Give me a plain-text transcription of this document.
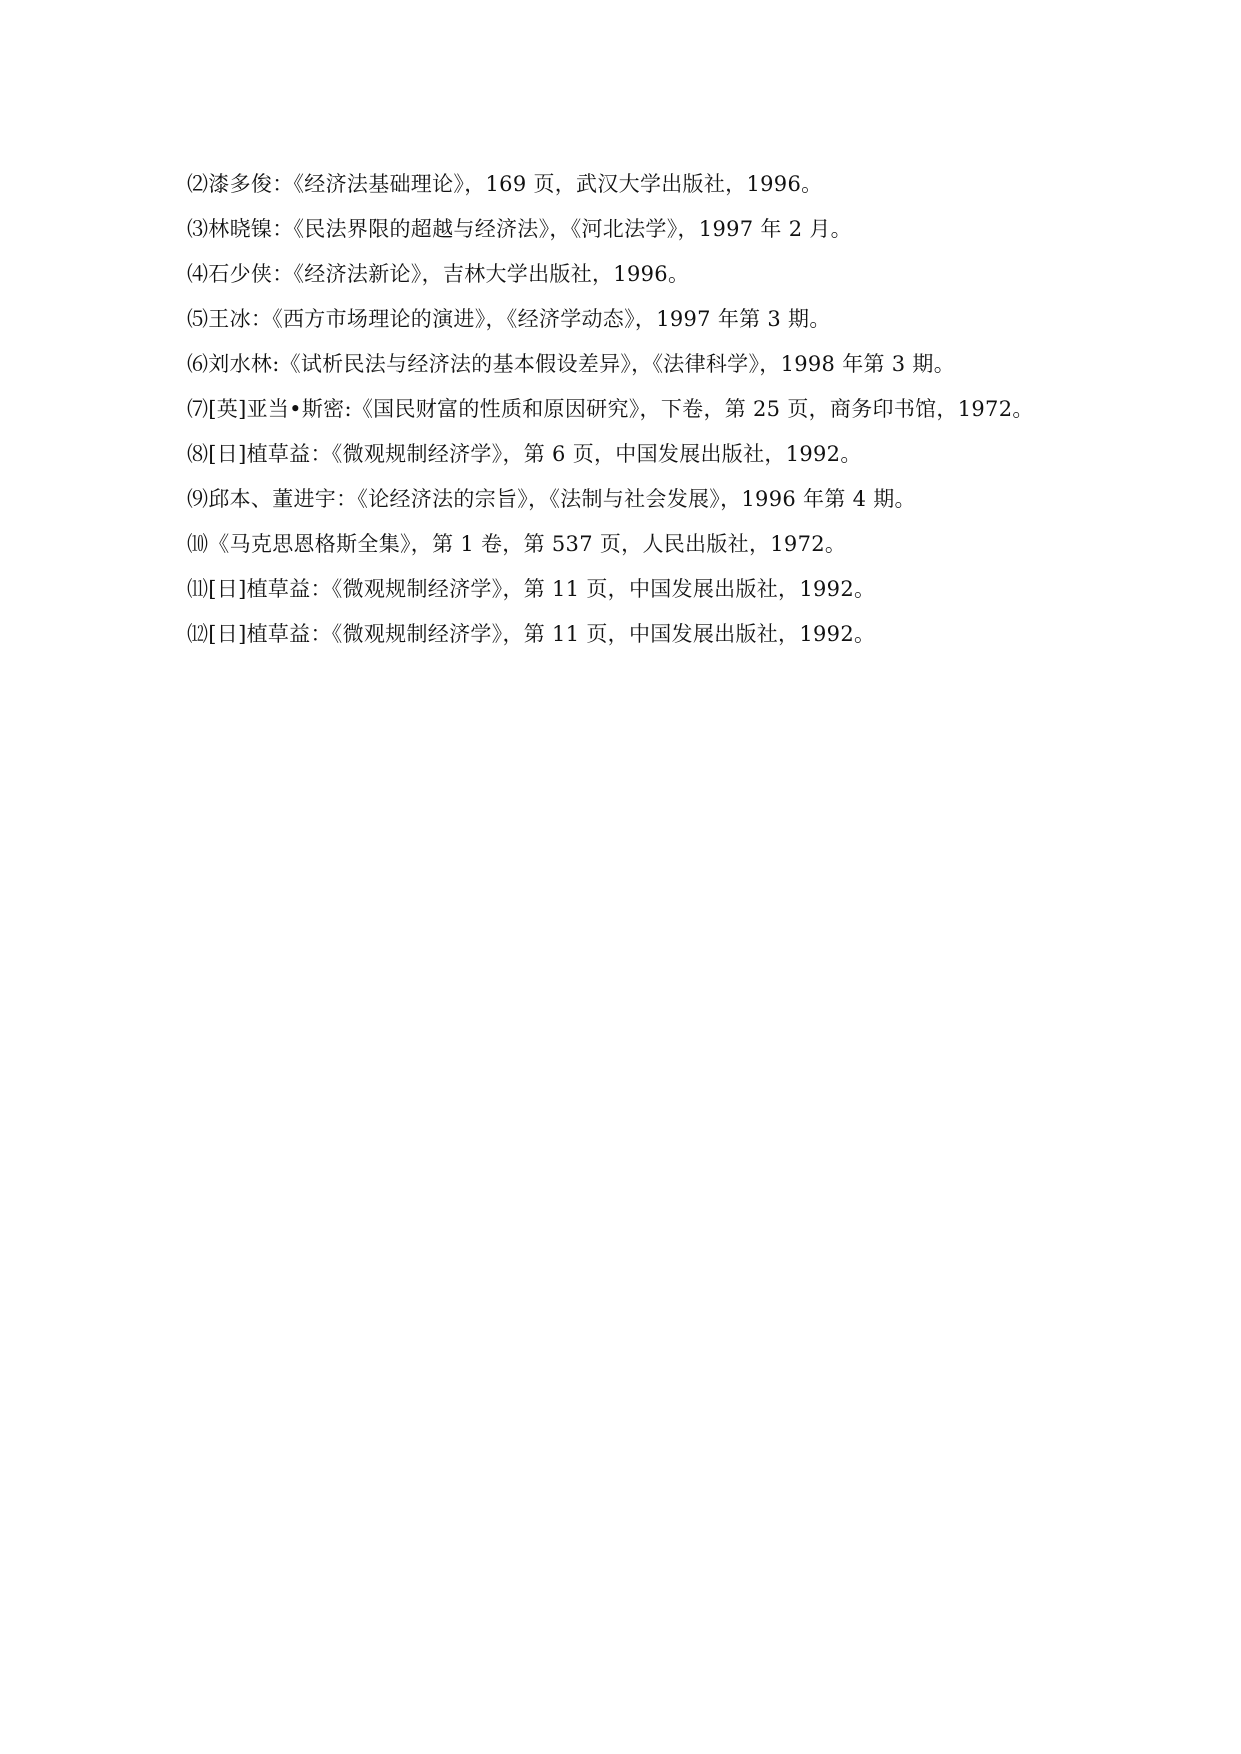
⑵漆多俊：《经济法基础理论》，169 页，武汉大学出版社，1996。

⑶林晓镍：《民法界限的超越与经济法》，《河北法学》，1997 年 2 月。

⑷石少侠：《经济法新论》，吉林大学出版社，1996。

⑸王冰：《西方市场理论的演进》，《经济学动态》，1997 年第 3 期。

⑹刘水林:《试析民法与经济法的基本假设差异》，《法律科学》，1998 年第 3 期。

⑺[英]亚当•斯密:《国民财富的性质和原因研究》，下卷，第 25 页，商务印书馆，1972。

⑻[日]植草益：《微观规制经济学》，第 6 页，中国发展出版社，1992。

⑼邱本、董进宇：《论经济法的宗旨》，《法制与社会发展》，1996 年第 4 期。

⑽《马克思恩格斯全集》，第 1 卷，第 537 页，人民出版社，1972。

⑾[日]植草益：《微观规制经济学》，第 11 页，中国发展出版社，1992。

⑿[日]植草益：《微观规制经济学》，第 11 页，中国发展出版社，1992。
